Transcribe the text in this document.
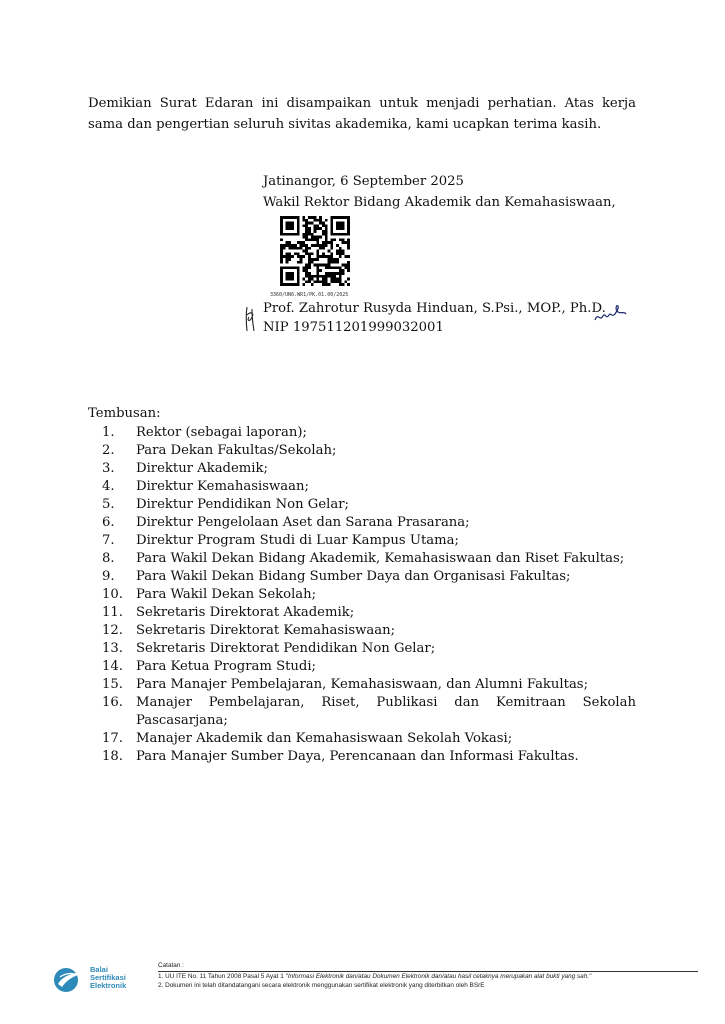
Demikian Surat Edaran ini disampaikan untuk menjadi perhatian. Atas kerja sama dan pengertian seluruh sivitas akademika, kami ucapkan terima kasih.

Jatinangor, 6 September 2025
Wakil Rektor Bidang Akademik dan Kemahasiswaan,
3360/UN6.WR1/PK.01.00/2025
Prof. Zahrotur Rusyda Hinduan, S.Psi., MOP., Ph.D.
NIP 197511201999032001
Tembusan:
1. Rektor (sebagai laporan);
2. Para Dekan Fakultas/Sekolah;
3. Direktur Akademik;
4. Direktur Kemahasiswaan;
5. Direktur Pendidikan Non Gelar;
6. Direktur Pengelolaan Aset dan Sarana Prasarana;
7. Direktur Program Studi di Luar Kampus Utama;
8. Para Wakil Dekan Bidang Akademik, Kemahasiswaan dan Riset Fakultas;
9. Para Wakil Dekan Bidang Sumber Daya dan Organisasi Fakultas;
10. Para Wakil Dekan Sekolah;
11. Sekretaris Direktorat Akademik;
12. Sekretaris Direktorat Kemahasiswaan;
13. Sekretaris Direktorat Pendidikan Non Gelar;
14. Para Ketua Program Studi;
15. Para Manajer Pembelajaran, Kemahasiswaan, dan Alumni Fakultas;
16. Manajer Pembelajaran, Riset, Publikasi dan Kemitraan Sekolah
Pascasarjana;
17. Manajer Akademik dan Kemahasiswaan Sekolah Vokasi;
18. Para Manajer Sumber Daya, Perencanaan dan Informasi Fakultas.
Balai
Sertifikasi
Elektronik
Catatan :
1. UU ITE No. 11 Tahun 2008 Pasal 5 Ayat 1 "Informasi Elektronik dan/atau Dokumen Elektronik dan/atau hasil cetaknya merupakan alat bukti yang sah."
2. Dokumen ini telah ditandatangani secara elektronik menggunakan sertifikat elektronik yang diterbitkan oleh BSrE
